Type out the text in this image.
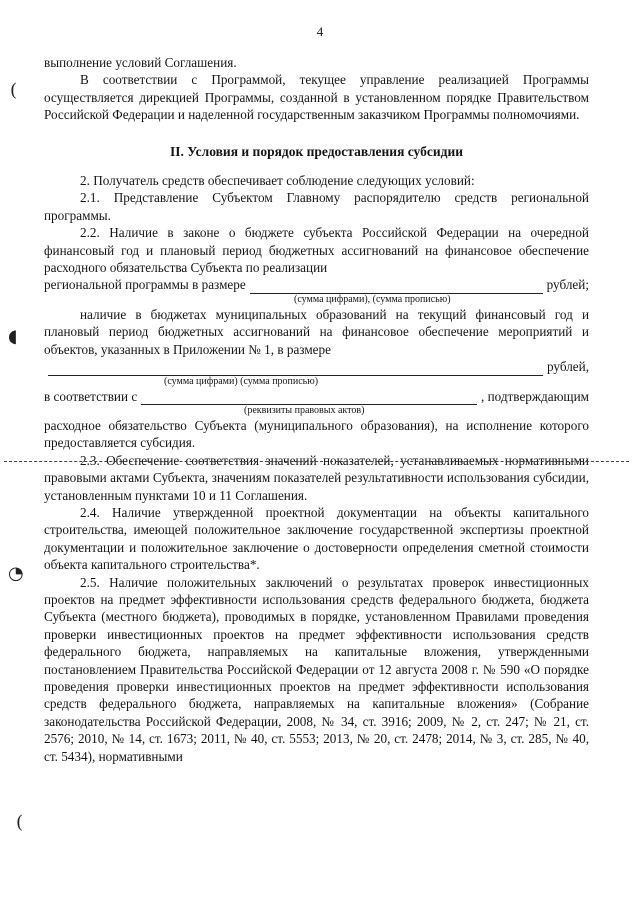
4
(
◖
◔
(

выполнение условий Соглашения.

В соответствии с Программой, текущее управление реализацией Программы осуществляется дирекцией Программы, созданной в установленном порядке Правительством Российской Федерации и наделенной государственным заказчиком Программы полномочиями.

II. Условия и порядок предоставления субсидии

2. Получатель средств обеспечивает соблюдение следующих условий:

2.1. Представление Субъектом Главному распорядителю средств региональной программы.

2.2. Наличие в законе о бюджете субъекта Российской Федерации на очередной финансовый год и плановый период бюджетных ассигнований на финансовое обеспечение расходного обязательства Субъекта по реализации

региональной программы в размере	рублей;
(сумма цифрами), (сумма прописью)

наличие в бюджетах муниципальных образований на текущий финансовый год и плановый период бюджетных ассигнований на финансовое обеспечение мероприятий и объектов, указанных в Приложении № 1, в размере

рублей,
(сумма цифрами) (сумма прописью)
в соответствии с	, подтверждающим
(реквизиты правовых актов)

расходное обязательство Субъекта (муниципального образования), на исполнение которого предоставляется субсидия.

2.3. Обеспечение соответствия значений показателей, устанавливаемых нормативными правовыми актами Субъекта, значениям показателей результативности использования субсидии, установленным пунктами 10 и 11 Соглашения.

2.4. Наличие утвержденной проектной документации на объекты капитального строительства, имеющей положительное заключение государственной экспертизы проектной документации и положительное заключение о достоверности определения сметной стоимости объекта капитального строительства*.

2.5. Наличие положительных заключений о результатах проверок инвестиционных проектов на предмет эффективности использования средств федерального бюджета, бюджета Субъекта (местного бюджета), проводимых в порядке, установленном Правилами проведения проверки инвестиционных проектов на предмет эффективности использования средств федерального бюджета, направляемых на капитальные вложения, утвержденными постановлением Правительства Российской Федерации от 12 августа 2008 г. № 590 «О порядке проведения проверки инвестиционных проектов на предмет эффективности использования средств федерального бюджета, направляемых на капитальные вложения» (Собрание законодательства Российской Федерации, 2008, № 34, ст. 3916; 2009, № 2, ст. 247; № 21, ст. 2576; 2010, № 14, ст. 1673; 2011, № 40, ст. 5553; 2013, № 20, ст. 2478; 2014, № 3, ст. 285, № 40, ст. 5434), нормативными
